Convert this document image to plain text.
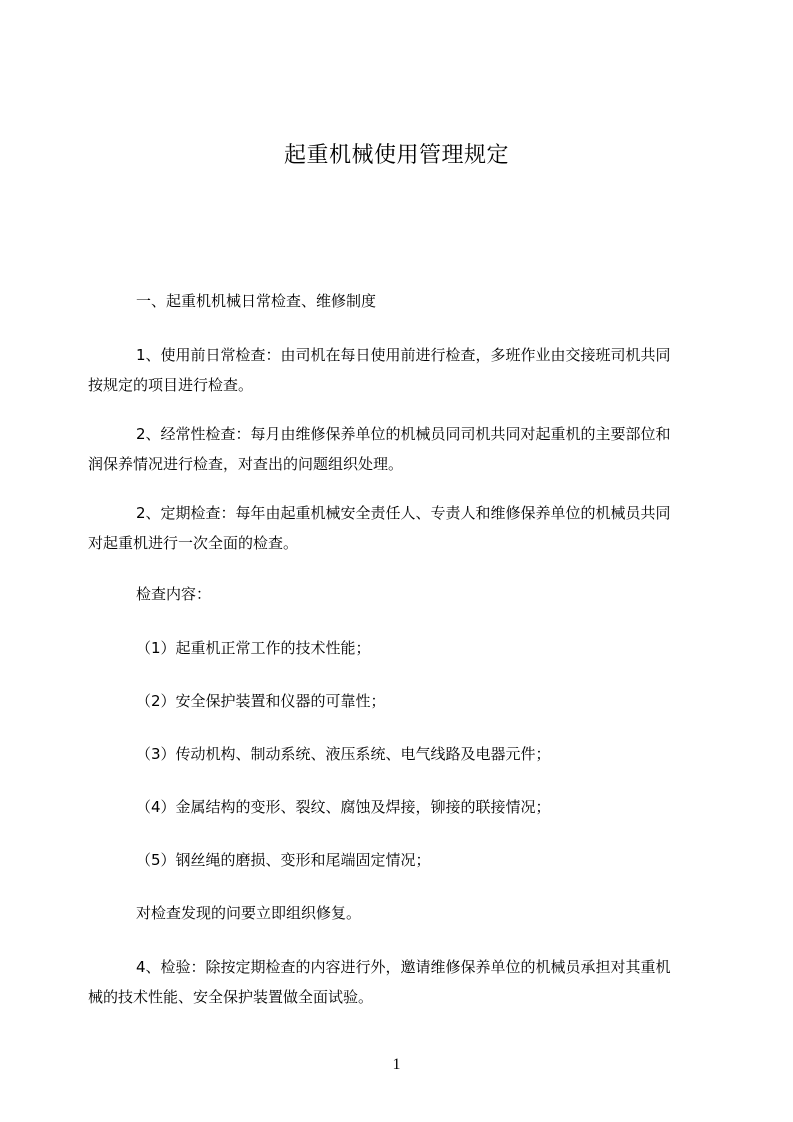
起重机械使用管理规定
一、起重机机械日常检查、维修制度
1、使用前日常检查：由司机在每日使用前进行检查，多班作业由交接班司机共同
按规定的项目进行检查。
2、经常性检查：每月由维修保养单位的机械员同司机共同对起重机的主要部位和
润保养情况进行检查，对查出的问题组织处理。
2、定期检查：每年由起重机械安全责任人、专责人和维修保养单位的机械员共同
对起重机进行一次全面的检查。
检查内容：
（1）起重机正常工作的技术性能；
（2）安全保护装置和仪器的可靠性；
（3）传动机构、制动系统、液压系统、电气线路及电器元件；
（4）金属结构的变形、裂纹、腐蚀及焊接，铆接的联接情况；
（5）钢丝绳的磨损、变形和尾端固定情况；
对检查发现的问要立即组织修复。
4、检验：除按定期检查的内容进行外，邀请维修保养单位的机械员承担对其重机
械的技术性能、安全保护装置做全面试验。
1
